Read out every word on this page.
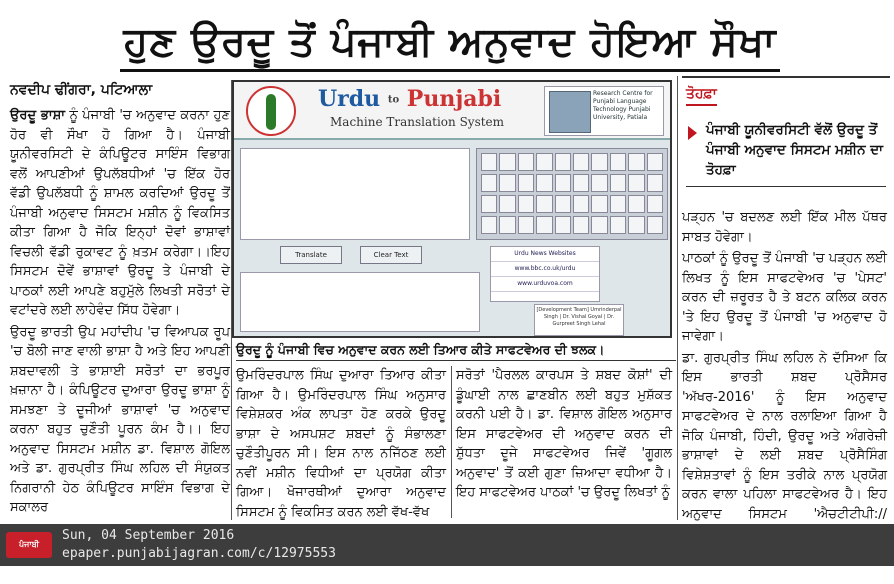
ਹੁਣ ਉਰਦੂ ਤੋਂ ਪੰਜਾਬੀ ਅਨੁਵਾਦ ਹੋਇਆ ਸੌਖਾ
ਨਵਦੀਪ ਢੀਂਗਰਾ, ਪਟਿਆਲਾ

ਉਰਦੂ ਭਾਸ਼ਾ ਨੂੰ ਪੰਜਾਬੀ 'ਚ ਅਨੁਵਾਦ ਕਰਨਾ ਹੁਣ ਹੋਰ ਵੀ ਸੌਖਾ ਹੋ ਗਿਆ ਹੈ। ਪੰਜਾਬੀ ਯੂਨੀਵਰਸਿਟੀ ਦੇ ਕੰਪਿਊਟਰ ਸਾਇੰਸ ਵਿਭਾਗ ਵਲੋਂ ਆਪਣੀਆਂ ਉਪਲੱਬਧੀਆਂ 'ਚ ਇੱਕ ਹੋਰ ਵੱਡੀ ਉਪਲੱਬਧੀ ਨੂੰ ਸ਼ਾਮਲ ਕਰਦਿਆਂ ਉਰਦੂ ਤੋਂ ਪੰਜਾਬੀ ਅਨੁਵਾਦ ਸਿਸਟਮ ਮਸ਼ੀਨ ਨੂੰ ਵਿਕਸਿਤ ਕੀਤਾ ਗਿਆ ਹੈ ਜੋਕਿ ਇਨ੍ਹਾਂ ਦੋਵਾਂ ਭਾਸ਼ਾਵਾਂ ਵਿਚਲੀ ਵੱਡੀ ਰੁਕਾਵਟ ਨੂੰ ਖ਼ਤਮ ਕਰੇਗਾ।।ਇਹ ਸਿਸਟਮ ਦੋਵੇਂ ਭਾਸ਼ਾਵਾਂ ਉਰਦੂ ਤੇ ਪੰਜਾਬੀ ਦੇ ਪਾਠਕਾਂ ਲਈ ਆਪਣੇ ਬਹੁਮੁੱਲੇ ਲਿਖਤੀ ਸਰੋਤਾਂ ਦੇ ਵਟਾਂਦਰੇ ਲਈ ਲਾਹੇਵੰਦ ਸਿੱਧ ਹੋਵੇਗਾ।

ਉਰਦੂ ਭਾਰਤੀ ਉਪ ਮਹਾਂਦੀਪ 'ਚ ਵਿਆਪਕ ਰੂਪ 'ਚ ਬੋਲੀ ਜਾਣ ਵਾਲੀ ਭਾਸ਼ਾ ਹੈ ਅਤੇ ਇਹ ਆਪਣੀ ਸ਼ਬਦਾਵਲੀ ਤੇ ਭਾਸ਼ਾਈ ਸਰੋਤਾਂ ਦਾ ਭਰਪੂਰ ਖ਼ਜ਼ਾਨਾ ਹੈ। ਕੰਪਿਊਟਰ ਦੁਆਰਾ ਉਰਦੂ ਭਾਸ਼ਾ ਨੂੰ ਸਮਝਣਾ ਤੇ ਦੂਜੀਆਂ ਭਾਸ਼ਾਵਾਂ 'ਚ ਅਨੁਵਾਦ ਕਰਨਾ ਬਹੁਤ ਚੁਣੌਤੀ ਪੂਰਨ ਕੰਮ ਹੈ।। ਇਹ ਅਨੁਵਾਦ ਸਿਸਟਮ ਮਸ਼ੀਨ ਡਾ. ਵਿਸ਼ਾਲ ਗੋਇਲ ਅਤੇ ਡਾ. ਗੁਰਪ੍ਰੀਤ ਸਿੰਘ ਲਹਿਲ ਦੀ ਸੰਯੁਕਤ ਨਿਗਰਾਨੀ ਹੇਠ ਕੰਪਿਊਟਰ ਸਾਇੰਸ ਵਿਭਾਗ ਦੇ ਸਕਾਲਰ

Urdu to Punjabi
Machine Translation System
Research Centre for Punjabi Language Technology Punjabi University, Patiala
Translate	Clear Text	Urdu News Websites
www.bbc.co.uk/urdu
www.urduvoa.com
[Development Team] Umrinderpal Singh | Dr. Vishal Goyal | Dr. Gurpreet Singh Lehal
ਉਰਦੂ ਨੂੰ ਪੰਜਾਬੀ ਵਿਚ ਅਨੁਵਾਦ ਕਰਨ ਲਈ ਤਿਆਰ ਕੀਤੇ ਸਾਫਟਵੇਅਰ ਦੀ ਝਲਕ।
ਉਮਰਿੰਦਰਪਾਲ ਸਿੰਘ ਦੁਆਰਾ ਤਿਆਰ ਕੀਤਾ ਗਿਆ ਹੈ। ਉਮਰਿੰਦਰਪਾਲ ਸਿੰਘ ਅਨੁਸਾਰ ਵਿਸ਼ੇਸ਼ਕਰ ਅੰਕ ਲਾਪਤਾ ਹੋਣ ਕਰਕੇ ਉਰਦੂ ਭਾਸ਼ਾ ਦੇ ਅਸਪਸ਼ਟ ਸ਼ਬਦਾਂ ਨੂੰ ਸੰਭਾਲਣਾ ਚੁਣੌਤੀਪੂਰਨ ਸੀ। ਇਸ ਨਾਲ ਨਜਿੱਠਣ ਲਈ ਨਵੀਂ ਮਸ਼ੀਨ ਵਿਧੀਆਂ ਦਾ ਪ੍ਰਯੋਗ ਕੀਤਾ ਗਿਆ। ਖੋਜਾਰਥੀਆਂ ਦੁਆਰਾ ਅਨੁਵਾਦ ਸਿਸਟਮ ਨੂੰ ਵਿਕਸਿਤ ਕਰਨ ਲਈ ਵੱਖ-ਵੱਖ
ਸਰੋਤਾਂ 'ਪੈਰਲਲ ਕਾਰਪਸ ਤੇ ਸ਼ਬਦ ਕੋਸ਼ਾਂ' ਦੀ ਡੂੰਘਾਈ ਨਾਲ ਛਾਣਬੀਨ ਲਈ ਬਹੁਤ ਮੁਸ਼ੱਕਤ ਕਰਨੀ ਪਈ ਹੈ। ਡਾ. ਵਿਸ਼ਾਲ ਗੋਇਲ ਅਨੁਸਾਰ ਇਸ ਸਾਫਟਵੇਅਰ ਦੀ ਅਨੁਵਾਦ ਕਰਨ ਦੀ ਸ਼ੁੱਧਤਾ ਦੂਜੇ ਸਾਫਟਵੇਅਰ ਜਿਵੇਂ 'ਗੂਗਲ ਅਨੁਵਾਦ' ਤੋਂ ਕਈ ਗੁਣਾ ਜ਼ਿਆਦਾ ਵਧੀਆ ਹੈ। ਇਹ ਸਾਫਟਵੇਅਰ ਪਾਠਕਾਂ 'ਚ ਉਰਦੂ ਲਿਖਤਾਂ ਨੂੰ
ਤੋਹਫ਼ਾ
ਪੰਜਾਬੀ ਯੂਨੀਵਰਸਿਟੀ ਵੱਲੋਂ ਉਰਦੂ ਤੋਂ ਪੰਜਾਬੀ ਅਨੁਵਾਦ ਸਿਸਟਮ ਮਸ਼ੀਨ ਦਾ ਤੋਹਫ਼ਾ

ਪੜ੍ਹਨ 'ਚ ਬਦਲਣ ਲਈ ਇੱਕ ਮੀਲ ਪੱਥਰ ਸਾਬਤ ਹੋਵੇਗਾ।

ਪਾਠਕਾਂ ਨੂੰ ਉਰਦੂ ਤੋਂ ਪੰਜਾਬੀ 'ਚ ਪੜ੍ਹਨ ਲਈ ਲਿਖਤ ਨੂੰ ਇਸ ਸਾਫਟਵੇਅਰ 'ਚ 'ਪੇਸਟ' ਕਰਨ ਦੀ ਜ਼ਰੂਰਤ ਹੈ ਤੇ ਬਟਨ ਕਲਿਕ ਕਰਨ 'ਤੇ ਇਹ ਉਰਦੂ ਤੋਂ ਪੰਜਾਬੀ 'ਚ ਅਨੁਵਾਦ ਹੋ ਜਾਵੇਗਾ।

ਡਾ. ਗੁਰਪ੍ਰੀਤ ਸਿੰਘ ਲਹਿਲ ਨੇ ਦੱਸਿਆ ਕਿ ਇਸ ਭਾਰਤੀ ਸ਼ਬਦ ਪ੍ਰੋਸੈਸਰ 'ਅੱਖਰ-2016' ਨੂੰ ਇਸ ਅਨੁਵਾਦ ਸਾਫਟਵੇਅਰ ਦੇ ਨਾਲ ਰਲਾਇਆ ਗਿਆ ਹੈ ਜੋਕਿ ਪੰਜਾਬੀ, ਹਿੰਦੀ, ਉਰਦੂ ਅਤੇ ਅੰਗਰੇਜ਼ੀ ਭਾਸ਼ਾਵਾਂ ਦੇ ਲਈ ਸ਼ਬਦ ਪ੍ਰੋਸੈਸਿੰਗ ਵਿਸ਼ੇਸ਼ਤਾਵਾਂ ਨੂੰ ਇਸ ਤਰੀਕੇ ਨਾਲ ਪ੍ਰਯੋਗ ਕਰਨ ਵਾਲਾ ਪਹਿਲਾ ਸਾਫਟਵੇਅਰ ਹੈ। ਇਹ ਅਨੁਵਾਦ ਸਿਸਟਮ 'ਐਚਟੀਟੀਪੀ://

ਪੰਜਾਬੀ ਜਾਗਰਣ
Sun, 04 September 2016
epaper.punjabijagran.com/c/12975553
